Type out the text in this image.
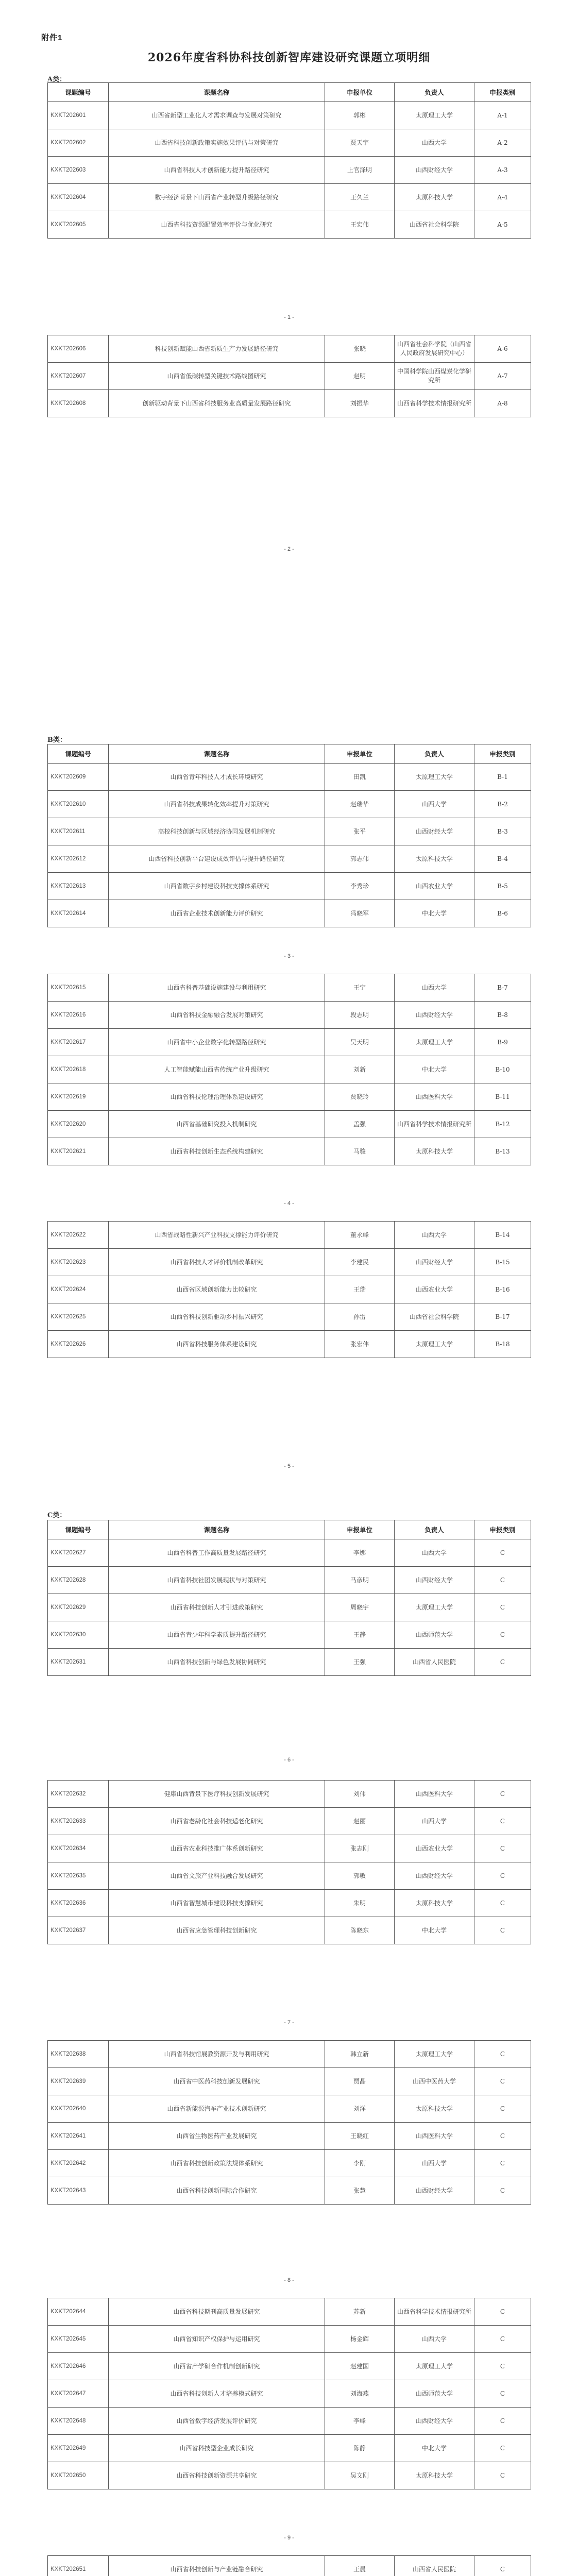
附件1
2026年度省科协科技创新智库建设研究课题立项明细
A类：
B类：
C类：
课题编号	课题名称	申报单位	负责人	申报类别
KXKT202601	山西省新型工业化人才需求调查与发展对策研究	郭彬	太原理工大学	A-1
KXKT202602	山西省科技创新政策实施效果评估与对策研究	贾天宇	山西大学	A-2
KXKT202603	山西省科技人才创新能力提升路径研究	上官泽明	山西财经大学	A-3
KXKT202604	数字经济背景下山西省产业转型升级路径研究	王久兰	太原科技大学	A-4
KXKT202605	山西省科技资源配置效率评价与优化研究	王宏伟	山西省社会科学院	A-5
KXKT202606	科技创新赋能山西省新质生产力发展路径研究	张晓	山西省社会科学院（山西省人民政府发展研究中心）	A-6
KXKT202607	山西省低碳转型关键技术路线图研究	赵明	中国科学院山西煤炭化学研究所	A-7
KXKT202608	创新驱动背景下山西省科技服务业高质量发展路径研究	刘振华	山西省科学技术情报研究所	A-8
课题编号	课题名称	申报单位	负责人	申报类别
KXKT202609	山西省青年科技人才成长环境研究	田凯	太原理工大学	B-1
KXKT202610	山西省科技成果转化效率提升对策研究	赵瑞华	山西大学	B-2
KXKT202611	高校科技创新与区域经济协同发展机制研究	张平	山西财经大学	B-3
KXKT202612	山西省科技创新平台建设成效评估与提升路径研究	郭志伟	太原科技大学	B-4
KXKT202613	山西省数字乡村建设科技支撑体系研究	李秀珍	山西农业大学	B-5
KXKT202614	山西省企业技术创新能力评价研究	冯晓军	中北大学	B-6
KXKT202615	山西省科普基础设施建设与利用研究	王宁	山西大学	B-7
KXKT202616	山西省科技金融融合发展对策研究	段志明	山西财经大学	B-8
KXKT202617	山西省中小企业数字化转型路径研究	吴天明	太原理工大学	B-9
KXKT202618	人工智能赋能山西省传统产业升级研究	刘新	中北大学	B-10
KXKT202619	山西省科技伦理治理体系建设研究	贾晓玲	山西医科大学	B-11
KXKT202620	山西省基础研究投入机制研究	孟强	山西省科学技术情报研究所	B-12
KXKT202621	山西省科技创新生态系统构建研究	马骏	太原科技大学	B-13
KXKT202622	山西省战略性新兴产业科技支撑能力评价研究	董永峰	山西大学	B-14
KXKT202623	山西省科技人才评价机制改革研究	李建民	山西财经大学	B-15
KXKT202624	山西省区域创新能力比较研究	王瑞	山西农业大学	B-16
KXKT202625	山西省科技创新驱动乡村振兴研究	孙雷	山西省社会科学院	B-17
KXKT202626	山西省科技服务体系建设研究	张宏伟	太原理工大学	B-18
课题编号	课题名称	申报单位	负责人	申报类别
KXKT202627	山西省科普工作高质量发展路径研究	李娜	山西大学	C
KXKT202628	山西省科技社团发展现状与对策研究	马彦明	山西财经大学	C
KXKT202629	山西省科技创新人才引进政策研究	周晓宇	太原理工大学	C
KXKT202630	山西省青少年科学素质提升路径研究	王静	山西师范大学	C
KXKT202631	山西省科技创新与绿色发展协同研究	王强	山西省人民医院	C
KXKT202632	健康山西背景下医疗科技创新发展研究	刘伟	山西医科大学	C
KXKT202633	山西省老龄化社会科技适老化研究	赵丽	山西大学	C
KXKT202634	山西省农业科技推广体系创新研究	张志刚	山西农业大学	C
KXKT202635	山西省文旅产业科技融合发展研究	郭敏	山西财经大学	C
KXKT202636	山西省智慧城市建设科技支撑研究	朱明	太原科技大学	C
KXKT202637	山西省应急管理科技创新研究	陈晓东	中北大学	C
KXKT202638	山西省科技馆展教资源开发与利用研究	韩立新	太原理工大学	C
KXKT202639	山西省中医药科技创新发展研究	贾晶	山西中医药大学	C
KXKT202640	山西省新能源汽车产业技术创新研究	刘洋	太原科技大学	C
KXKT202641	山西省生物医药产业发展研究	王晓红	山西医科大学	C
KXKT202642	山西省科技创新政策法规体系研究	李刚	山西大学	C
KXKT202643	山西省科技创新国际合作研究	张慧	山西财经大学	C
KXKT202644	山西省科技期刊高质量发展研究	苏新	山西省科学技术情报研究所	C
KXKT202645	山西省知识产权保护与运用研究	杨金辉	山西大学	C
KXKT202646	山西省产学研合作机制创新研究	赵建国	太原理工大学	C
KXKT202647	山西省科技创新人才培养模式研究	刘海燕	山西师范大学	C
KXKT202648	山西省数字经济发展评价研究	李峰	山西财经大学	C
KXKT202649	山西省科技型企业成长研究	陈静	中北大学	C
KXKT202650	山西省科技创新资源共享研究	吴文刚	太原科技大学	C
KXKT202651	山西省科技创新与产业链融合研究	王晨	山西省人民医院	C

- 1 -
- 2 -
- 3 -
- 4 -
- 5 -
- 6 -
- 7 -
- 8 -
- 9 -
